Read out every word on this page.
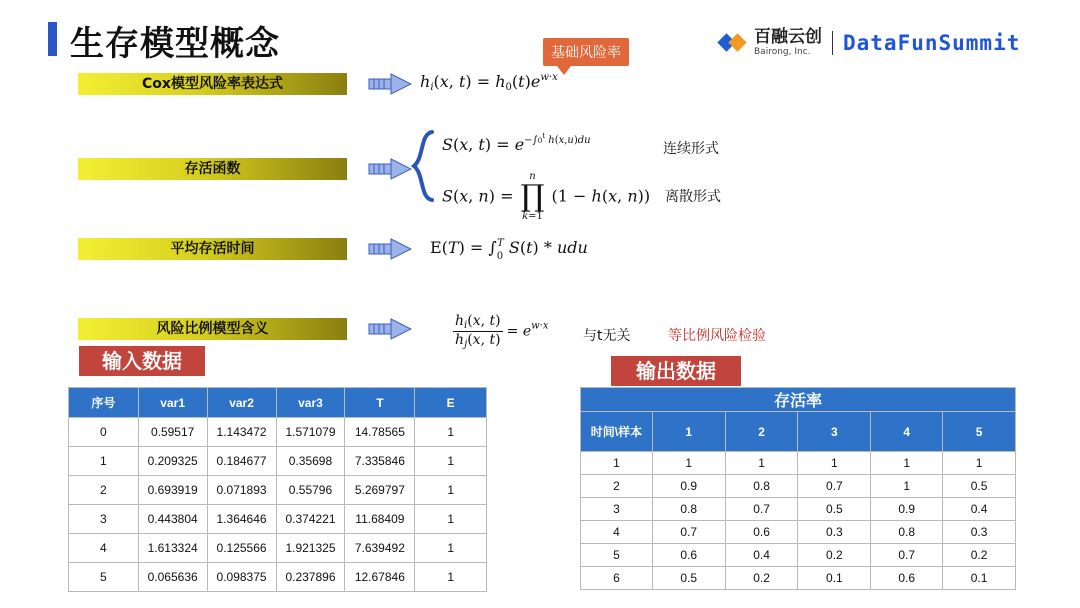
生存模型概念	基础风险率
百融云创
Bairong, Inc.	DataFunSummit
Cox模型风险率表达式	$h_i(x$, $t) = h_0(t)e^{w\cdot x}$
存活函数
S(x, $t) = e^{-\int 0^t h(x,u)du}$
连续形式
S(x, n) =
n
∏
k=1
(1 − h(x, n)) 离散形式
平均存活时间	$E(T) = \int_0^T$ S(t) * udu
风险比例模型含义	$\frac{h_i(x, t)}{h_j(x, t)} = e^{w\cdot x}$
与t无关	等比例风险检验
输入数据
序号	var1	var2	var3	T	E
0	0.59517	1.143472	1.571079	14.78565	1
1	0.209325	0.184677	0.35698	7.335846	1
2	0.693919	0.071893	0.55796	5.269797	1
3	0.443804	1.364646	0.374221	11.68409	1
4	1.613324	0.125566	1.921325	7.639492	1
5	0.065636	0.098375	0.237896	12.67846	1
输出数据
存活率					
时间\样本	1	2	3	4	5
1	1	1	1	1	1
2	0.9	0.8	0.7	1	0.5
3	0.8	0.7	0.5	0.9	0.4
4	0.7	0.6	0.3	0.8	0.3
5	0.6	0.4	0.2	0.7	0.2
6	0.5	0.2	0.1	0.6	0.1
